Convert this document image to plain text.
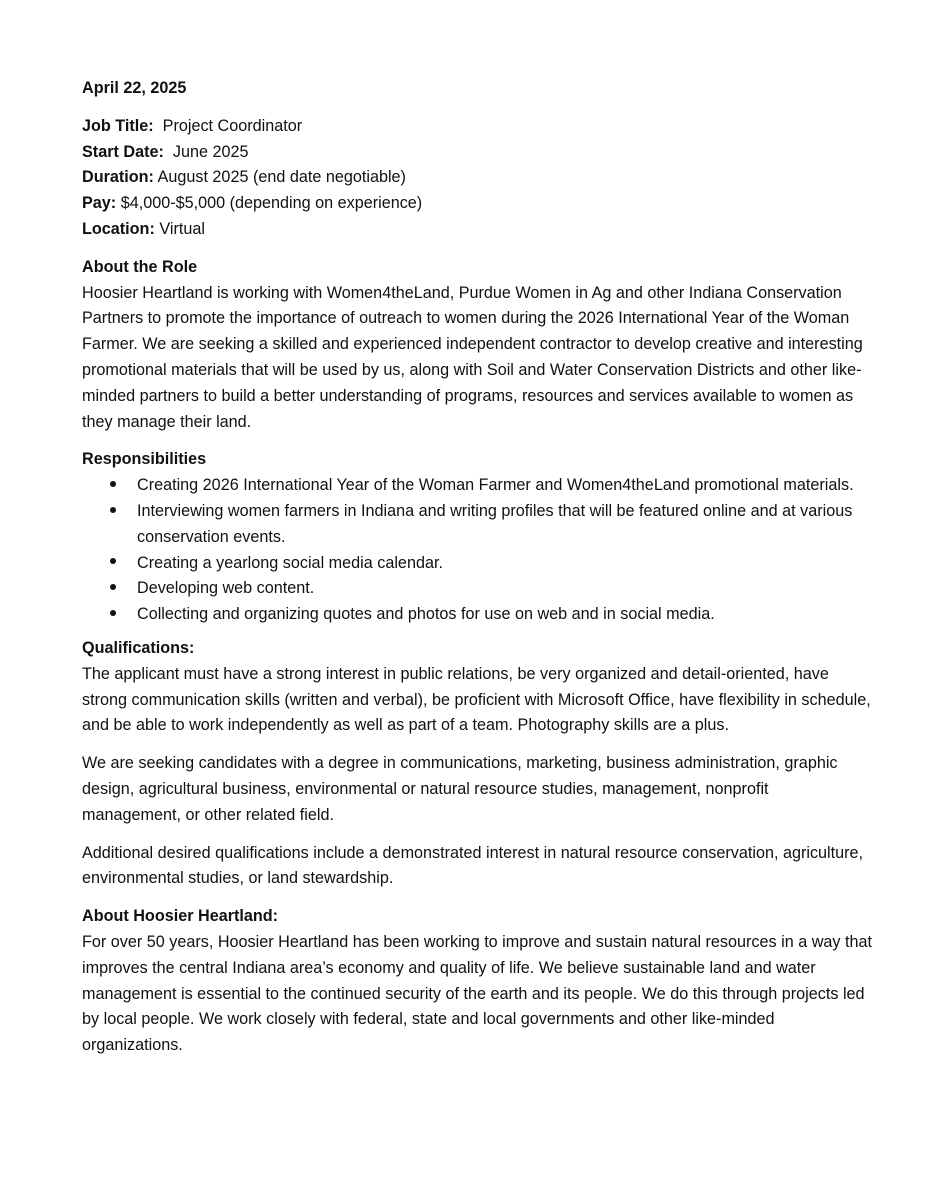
April 22, 2025

Job Title:  Project Coordinator

Start Date:  June 2025

Duration: August 2025 (end date negotiable)

Pay: $4,000-$5,000 (depending on experience)

Location: Virtual

About the Role

Hoosier Heartland is working with Women4theLand, Purdue Women in Ag and other Indiana Conservation Partners to promote the importance of outreach to women during the 2026 International Year of the Woman Farmer. We are seeking a skilled and experienced independent contractor to develop creative and interesting promotional materials that will be used by us, along with Soil and Water Conservation Districts and other like-minded partners to build a better understanding of programs, resources and services available to women as they manage their land.

Responsibilities

Creating 2026 International Year of the Woman Farmer and Women4theLand promotional materials.
Interviewing women farmers in Indiana and writing profiles that will be featured online and at various conservation events.
Creating a yearlong social media calendar.
Developing web content.
Collecting and organizing quotes and photos for use on web and in social media.

Qualifications:

The applicant must have a strong interest in public relations, be very organized and detail-oriented, have strong communication skills (written and verbal), be proficient with Microsoft Office, have flexibility in schedule, and be able to work independently as well as part of a team. Photography skills are a plus.

We are seeking candidates with a degree in communications, marketing, business administration, graphic design, agricultural business, environmental or natural resource studies, management, nonprofit management, or other related field.

Additional desired qualifications include a demonstrated interest in natural resource conservation, agriculture, environmental studies, or land stewardship.

About Hoosier Heartland:

For over 50 years, Hoosier Heartland has been working to improve and sustain natural resources in a way that improves the central Indiana area’s economy and quality of life. We believe sustainable land and water management is essential to the continued security of the earth and its people. We do this through projects led by local people. We work closely with federal, state and local governments and other like-minded organizations.
